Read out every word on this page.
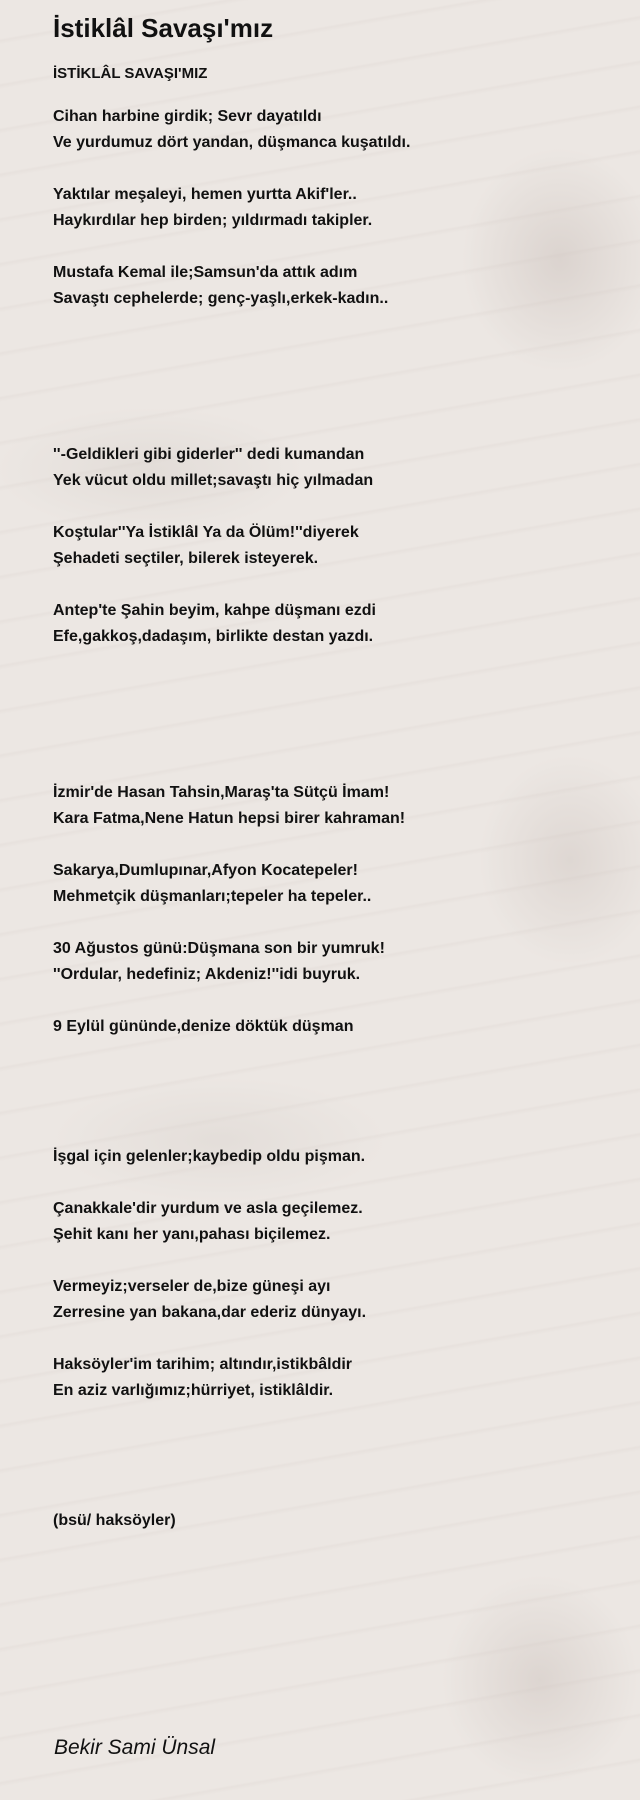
İstiklâl Savaşı'mız
İSTİKLÂL SAVAŞI'MIZ
Cihan harbine girdik; Sevr dayatıldı
Ve yurdumuz dört yandan, düşmanca kuşatıldı.
Yaktılar meşaleyi, hemen yurtta Akif'ler..
Haykırdılar hep birden; yıldırmadı takipler.
Mustafa Kemal ile;Samsun'da attık adım
Savaştı cephelerde; genç-yaşlı,erkek-kadın..
''-Geldikleri gibi giderler'' dedi kumandan
Yek vücut oldu millet;savaştı hiç yılmadan
Koştular''Ya İstiklâl Ya da Ölüm!''diyerek
Şehadeti seçtiler, bilerek isteyerek.
Antep'te Şahin beyim, kahpe düşmanı ezdi
Efe,gakkoş,dadaşım, birlikte destan yazdı.
İzmir'de Hasan Tahsin,Maraş'ta Sütçü İmam!
Kara Fatma,Nene Hatun hepsi birer kahraman!
Sakarya,Dumlupınar,Afyon Kocatepeler!
Mehmetçik düşmanları;tepeler ha tepeler..
30 Ağustos günü:Düşmana son bir yumruk!
''Ordular, hedefiniz; Akdeniz!''idi buyruk.
9 Eylül gününde,denize döktük düşman
İşgal için gelenler;kaybedip oldu pişman.
Çanakkale'dir yurdum ve asla geçilemez.
Şehit kanı her yanı,pahası biçilemez.
Vermeyiz;verseler de,bize güneşi ayı
Zerresine yan bakana,dar ederiz dünyayı.
Haksöyler'im tarihim; altındır,istikbâldir
En aziz varlığımız;hürriyet, istiklâldir.
(bsü/ haksöyler)
Bekir Sami Ünsal
